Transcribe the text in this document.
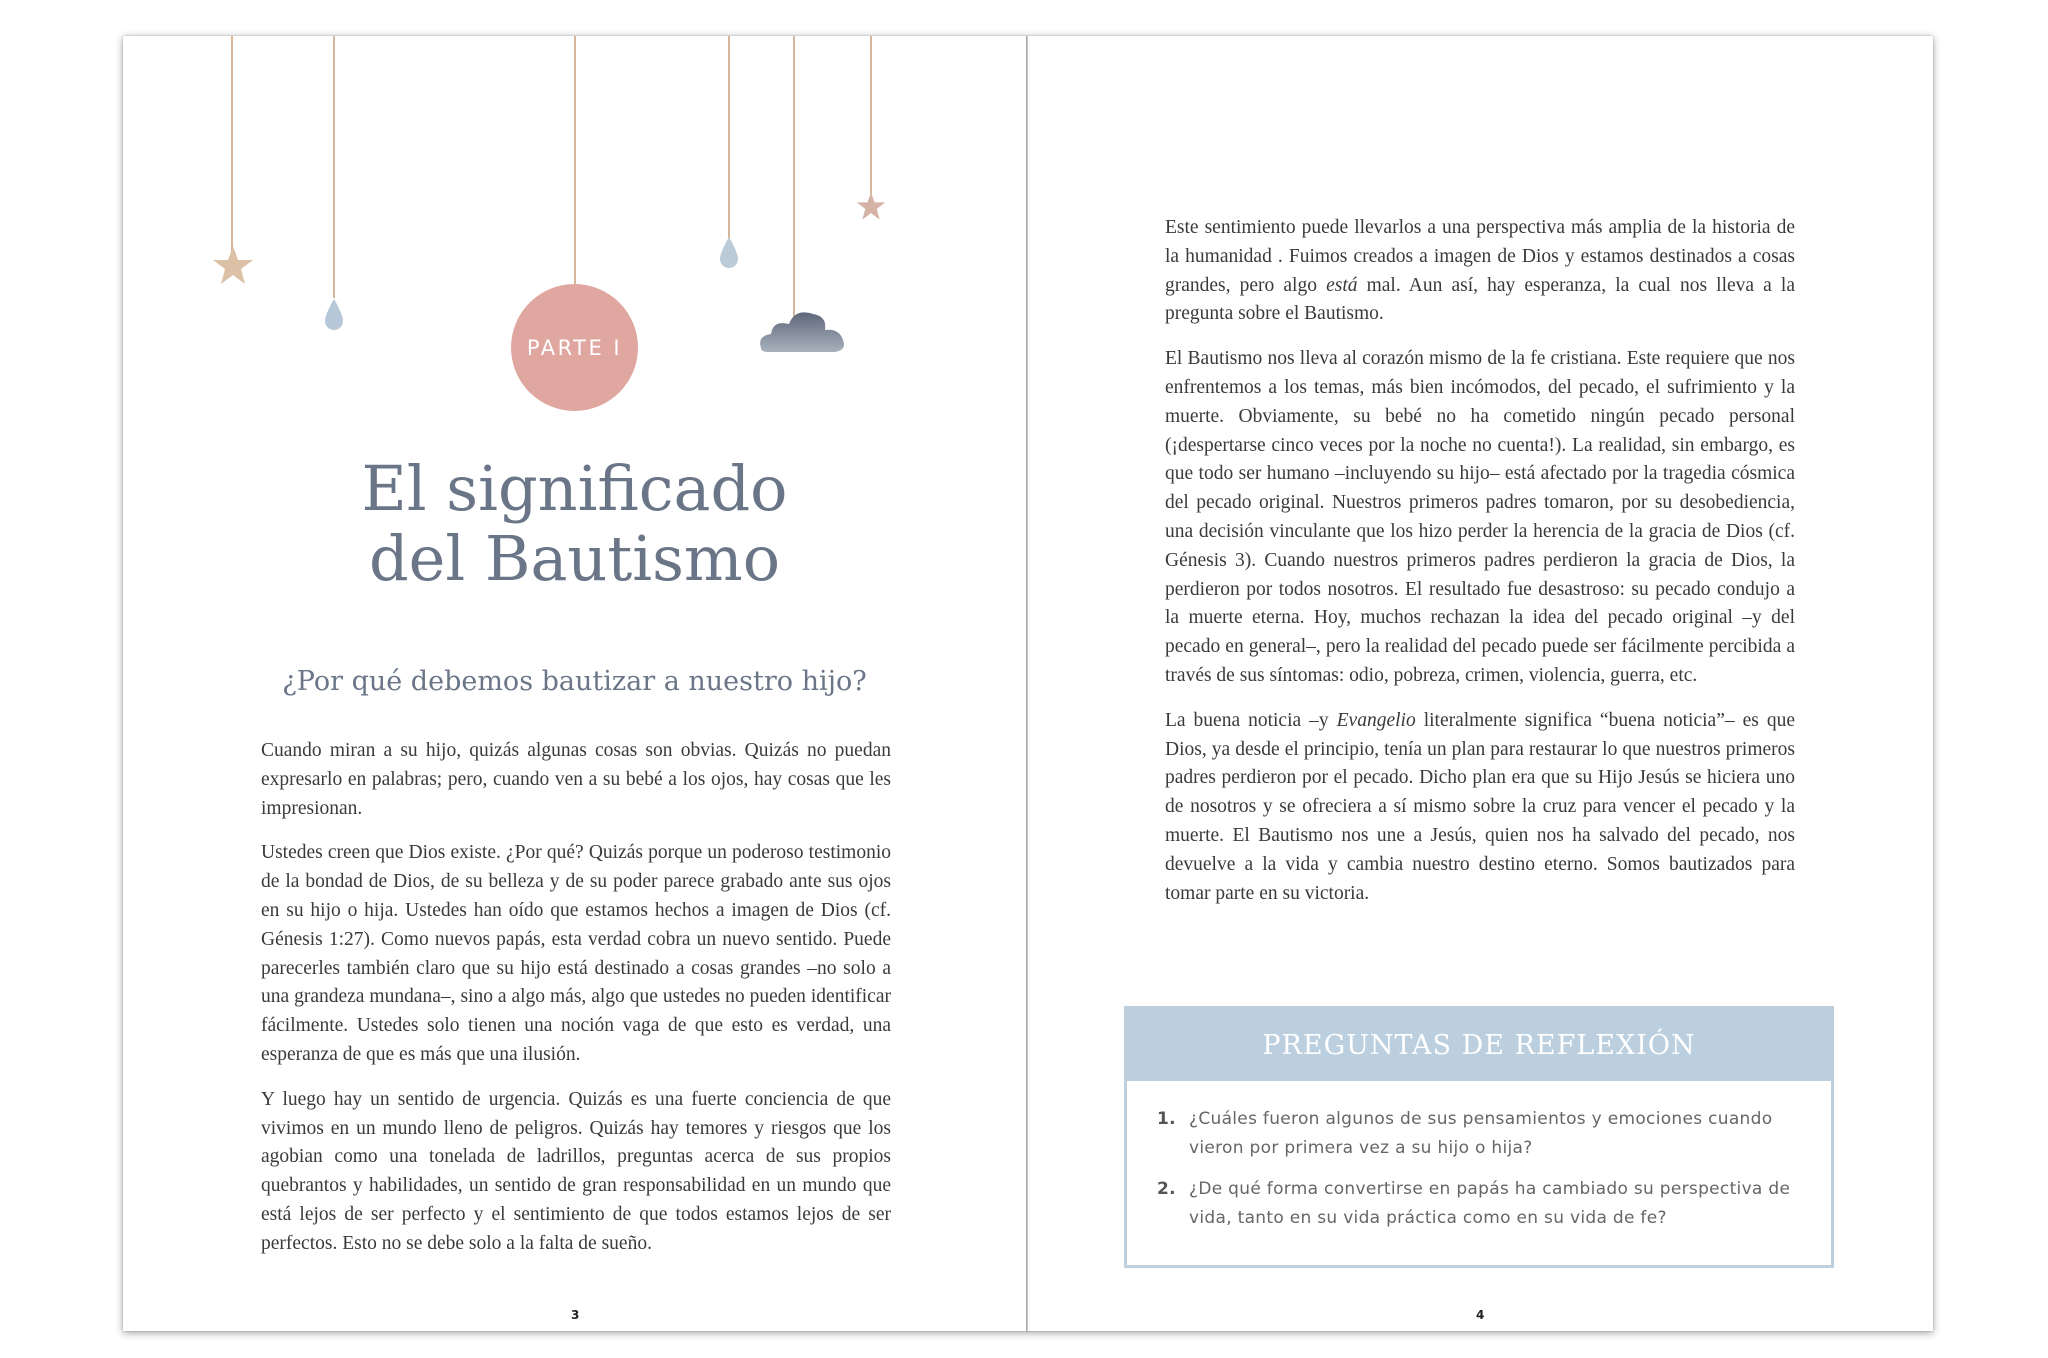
PARTE I
El significado
del Bautismo
¿Por qué debemos bautizar a nuestro hijo?

Cuando miran a su hijo, quizás algunas cosas son obvias. Quizás no puedan expresarlo en palabras; pero, cuando ven a su bebé a los ojos, hay cosas que les impresionan.

Ustedes creen que Dios existe. ¿Por qué? Quizás porque un poderoso testimonio de la bondad de Dios, de su belleza y de su poder parece grabado ante sus ojos en su hijo o hija. Ustedes han oído que estamos hechos a imagen de Dios (cf. Génesis 1:27). Como nuevos papás, esta verdad cobra un nuevo sentido. Puede parecerles también claro que su hijo está destinado a cosas grandes –no solo a una grandeza mundana–, sino a algo más, algo que ustedes no pueden identificar fácilmente. Ustedes solo tienen una noción vaga de que esto es verdad, una esperanza de que es más que una ilusión.

Y luego hay un sentido de urgencia. Quizás es una fuerte conciencia de que vivimos en un mundo lleno de peligros. Quizás hay temores y riesgos que los agobian como una tonelada de ladrillos, preguntas acerca de sus propios quebrantos y habilidades, un sentido de gran responsabilidad en un mundo que está lejos de ser perfecto y el sentimiento de que todos estamos lejos de ser perfectos. Esto no se debe solo a la falta de sueño.

3

Este sentimiento puede llevarlos a una perspectiva más amplia de la historia de la humanidad . Fuimos creados a imagen de Dios y estamos destinados a cosas grandes, pero algo está mal. Aun así, hay esperanza, la cual nos lleva a la pregunta sobre el Bautismo.

El Bautismo nos lleva al corazón mismo de la fe cristiana. Este requiere que nos enfrentemos a los temas, más bien incómodos, del pecado, el sufrimiento y la muerte. Obviamente, su bebé no ha cometido ningún pecado personal (¡despertarse cinco veces por la noche no cuenta!). La realidad, sin embargo, es que todo ser humano –incluyendo su hijo– está afectado por la tragedia cósmica del pecado original. Nuestros primeros padres tomaron, por su desobediencia, una decisión vinculante que los hizo perder la herencia de la gracia de Dios (cf. Génesis 3). Cuando nuestros primeros padres perdieron la gracia de Dios, la perdieron por todos nosotros. El resultado fue desastroso: su pecado condujo a la muerte eterna. Hoy, muchos rechazan la idea del pecado original –y del pecado en general–, pero la realidad del pecado puede ser fácilmente percibida a través de sus síntomas: odio, pobreza, crimen, violencia, guerra, etc.

La buena noticia –y Evangelio literalmente significa “buena noticia”– es que Dios, ya desde el principio, tenía un plan para restaurar lo que nuestros primeros padres perdieron por el pecado. Dicho plan era que su Hijo Jesús se hiciera uno de nosotros y se ofreciera a sí mismo sobre la cruz para vencer el pecado y la muerte. El Bautismo nos une a Jesús, quien nos ha salvado del pecado, nos devuelve a la vida y cambia nuestro destino eterno. Somos bautizados para tomar parte en su victoria.

PREGUNTAS DE REFLEXIÓN
1. ¿Cuáles fueron algunos de sus pensamientos y emociones cuando vieron por primera vez a su hijo o hija?
2. ¿De qué forma convertirse en papás ha cambiado su perspectiva de vida, tanto en su vida práctica como en su vida de fe?
4
